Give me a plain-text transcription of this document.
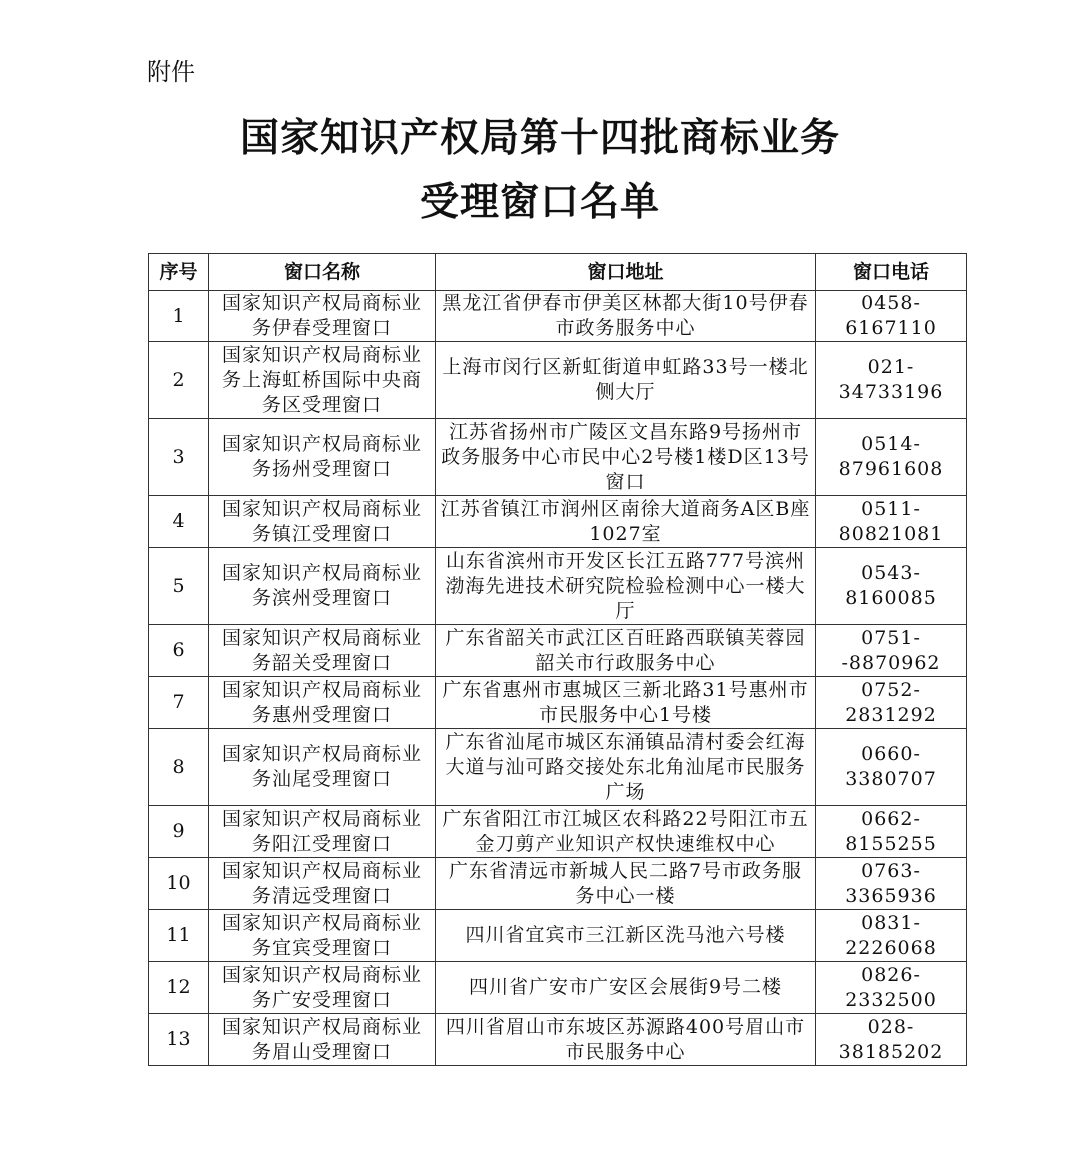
附件
国家知识产权局第十四批商标业务
受理窗口名单
序号	窗口名称	窗口地址	窗口电话
1	国家知识产权局商标业务伊春受理窗口	黑龙江省伊春市伊美区林都大街10号伊春市政务服务中心	0458-6167110
2	国家知识产权局商标业务上海虹桥国际中央商务区受理窗口	上海市闵行区新虹街道申虹路33号一楼北侧大厅	021-34733196
3	国家知识产权局商标业务扬州受理窗口	江苏省扬州市广陵区文昌东路9号扬州市政务服务中心市民中心2号楼1楼D区13号窗口	0514-87961608
4	国家知识产权局商标业务镇江受理窗口	江苏省镇江市润州区南徐大道商务A区B座1027室	0511-80821081
5	国家知识产权局商标业务滨州受理窗口	山东省滨州市开发区长江五路777号滨州渤海先进技术研究院检验检测中心一楼大厅	0543-8160085
6	国家知识产权局商标业务韶关受理窗口	广东省韶关市武江区百旺路西联镇芙蓉园韶关市行政服务中心	0751--8870962
7	国家知识产权局商标业务惠州受理窗口	广东省惠州市惠城区三新北路31号惠州市市民服务中心1号楼	0752-2831292
8	国家知识产权局商标业务汕尾受理窗口	广东省汕尾市城区东涌镇品清村委会红海大道与汕可路交接处东北角汕尾市民服务广场	0660-3380707
9	国家知识产权局商标业务阳江受理窗口	广东省阳江市江城区农科路22号阳江市五金刀剪产业知识产权快速维权中心	0662-8155255
10	国家知识产权局商标业务清远受理窗口	广东省清远市新城人民二路7号市政务服务中心一楼	0763-3365936
11	国家知识产权局商标业务宜宾受理窗口	四川省宜宾市三江新区洗马池六号楼	0831-2226068
12	国家知识产权局商标业务广安受理窗口	四川省广安市广安区会展街9号二楼	0826-2332500
13	国家知识产权局商标业务眉山受理窗口	四川省眉山市东坡区苏源路400号眉山市市民服务中心	028-38185202
